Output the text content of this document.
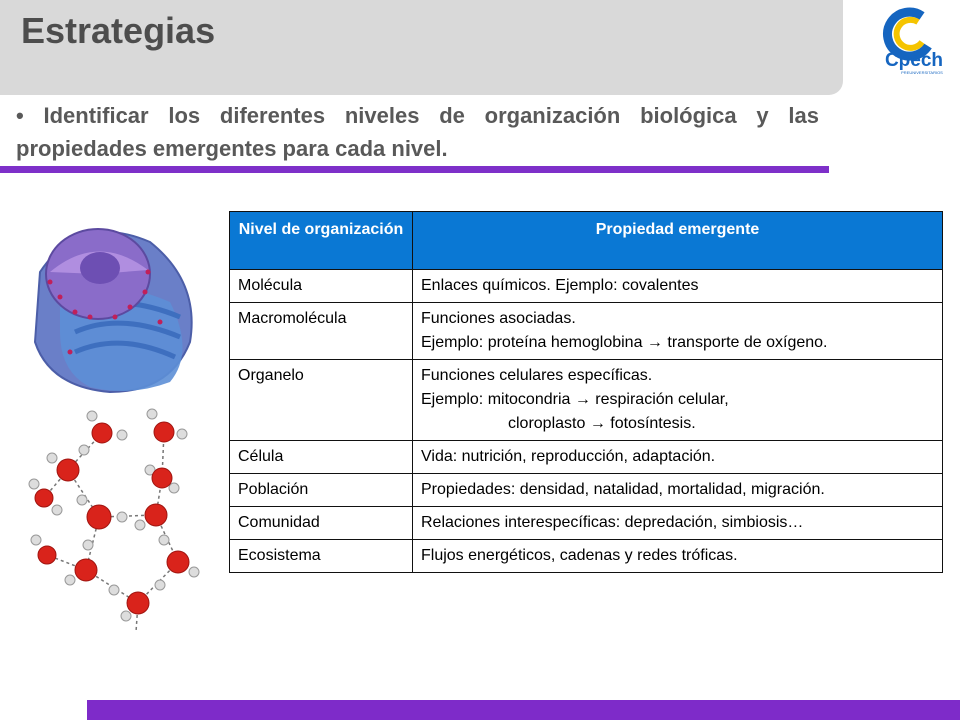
Estrategias
Cpech
PREUNIVERSITARIOS
• Identificar los diferentes niveles de organización biológica y las propiedades emergentes para cada nivel.
Nivel de organización	Propiedad emergente
Molécula	Enlaces químicos. Ejemplo: covalentes
Macromolécula	Funciones asociadas.
Ejemplo: proteína hemoglobina → transporte de oxígeno.

Organelo	Funciones celulares específicas.
Ejemplo: mitocondria → respiración celular,
cloroplasto → fotosíntesis.

Célula	Vida: nutrición, reproducción, adaptación.
Población	Propiedades: densidad, natalidad, mortalidad, migración.
Comunidad	Relaciones interespecíficas: depredación, simbiosis…
Ecosistema	Flujos energéticos, cadenas y redes tróficas.
